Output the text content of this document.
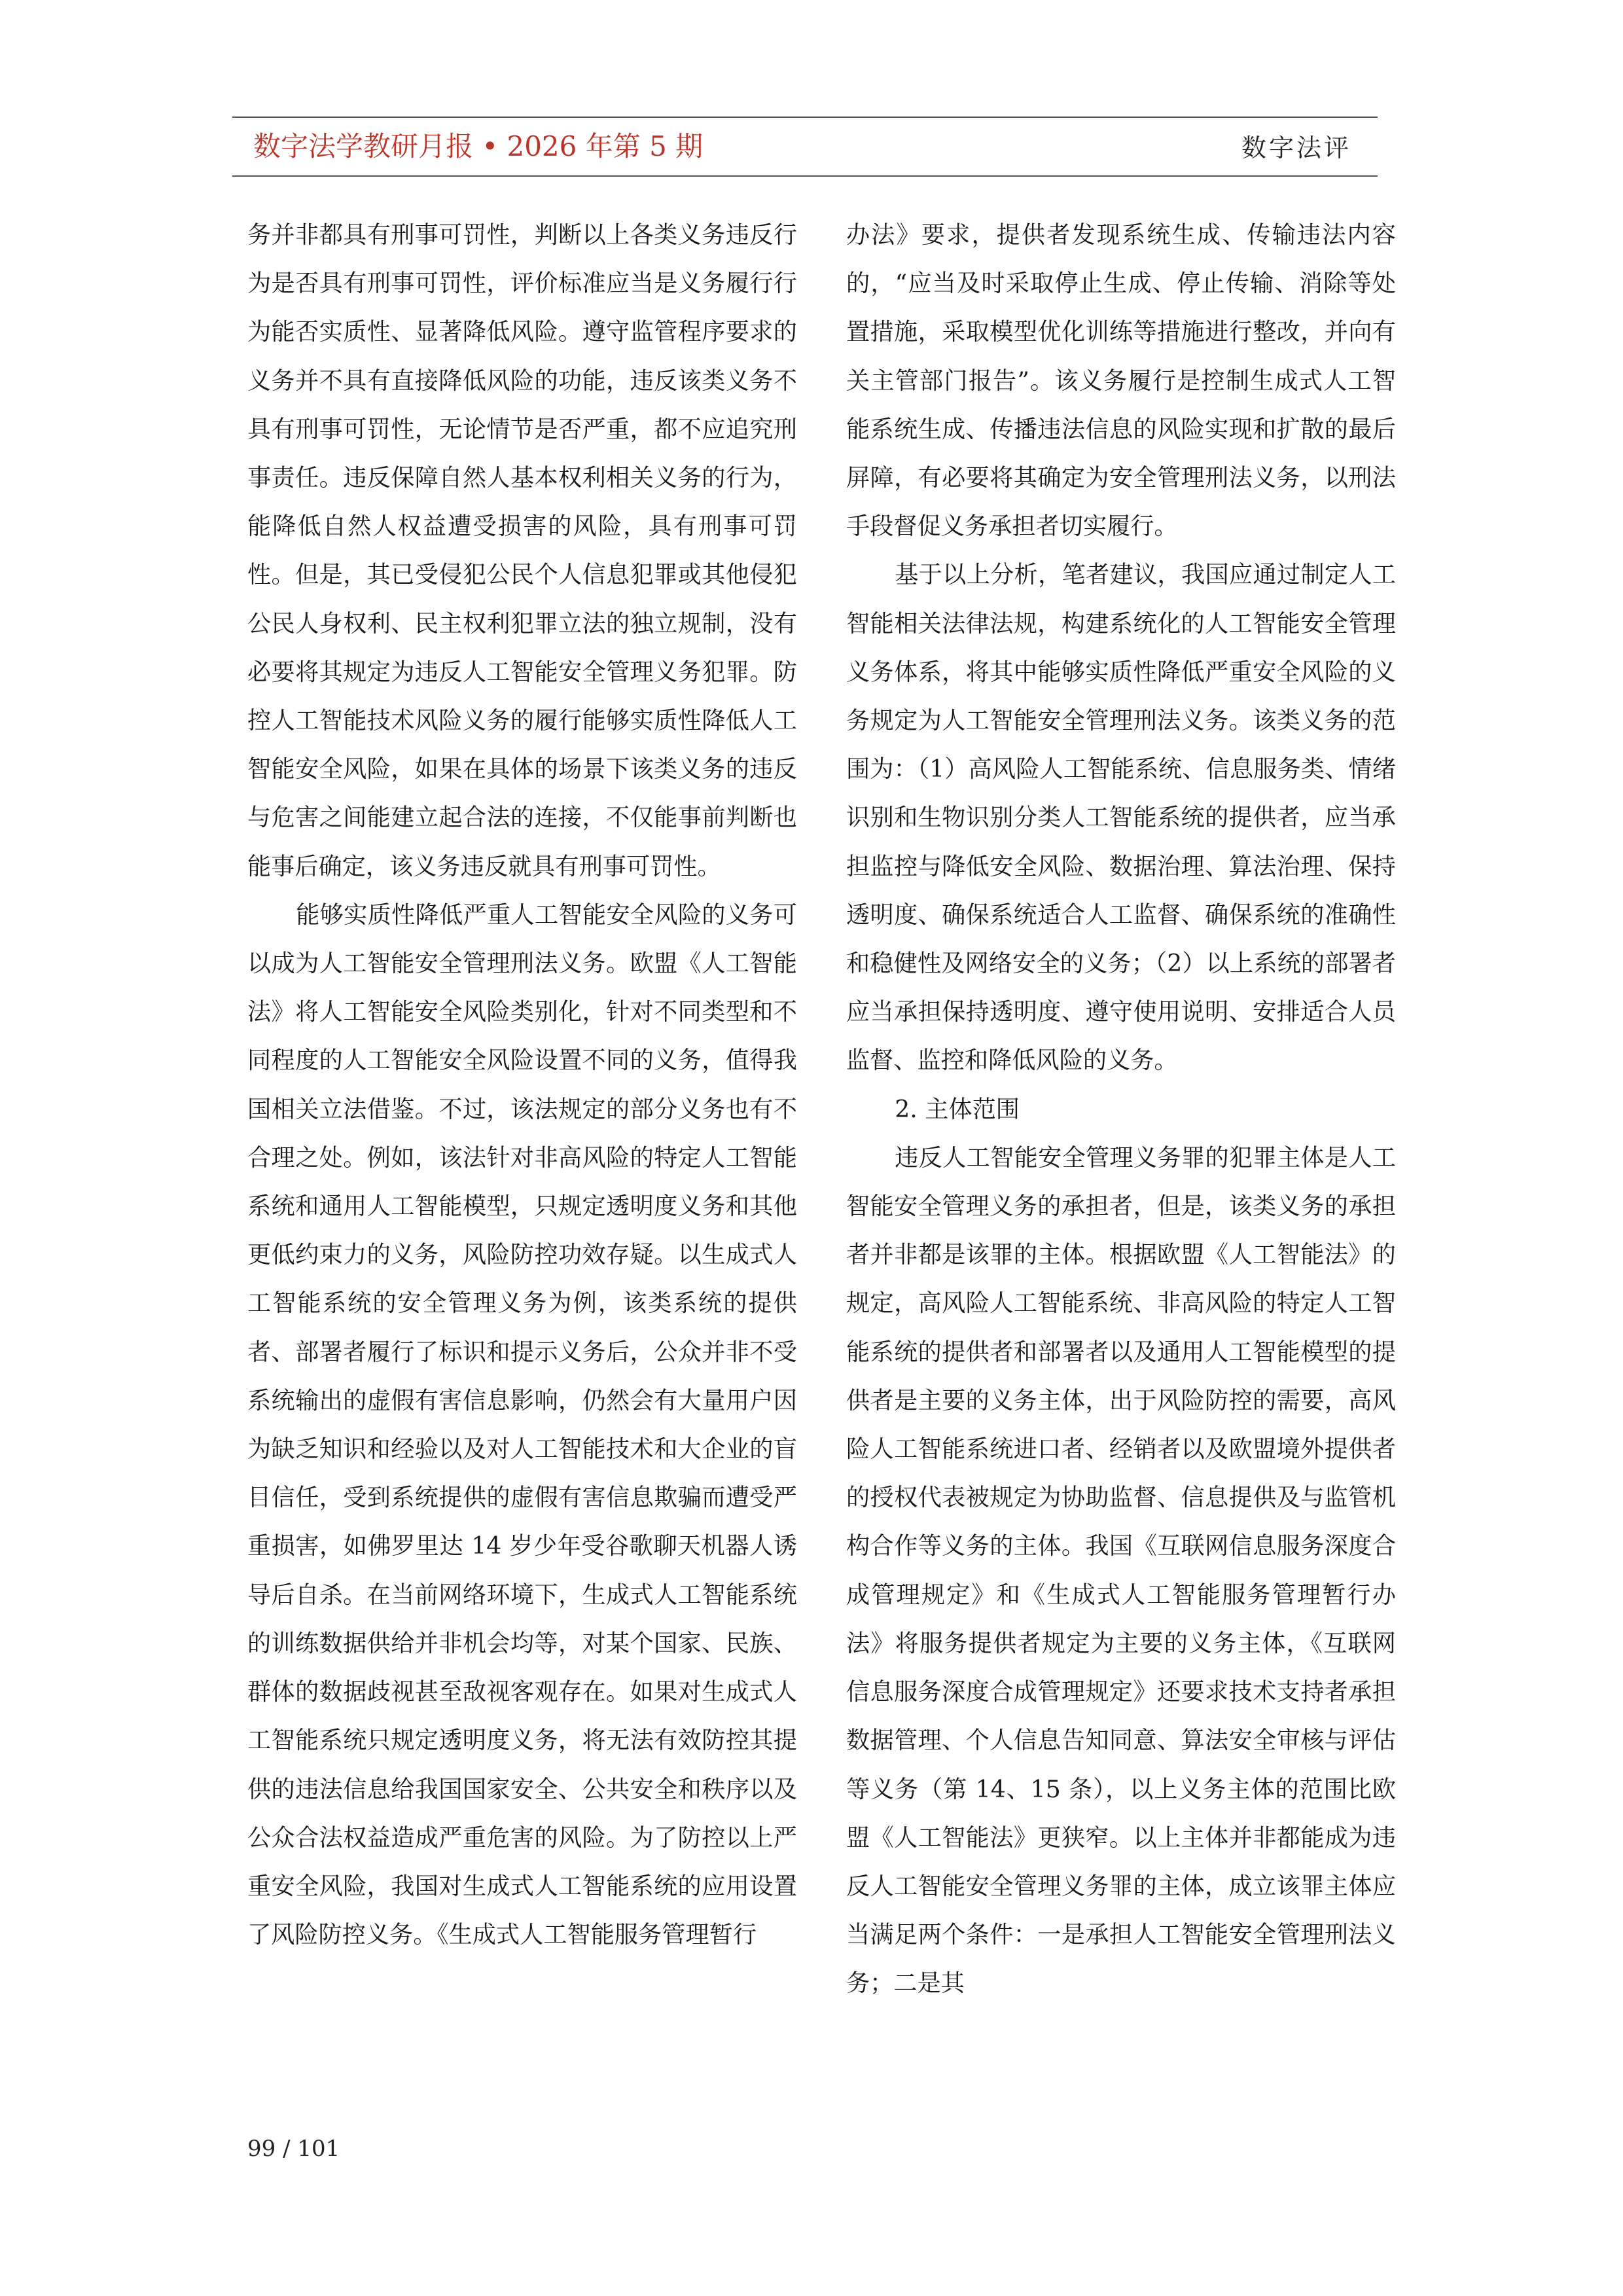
数字法学教研月报 • 2026 年第 5 期	数字法评

务并非都具有刑事可罚性，判断以上各类义务违反行为是否具有刑事可罚性，评价标准应当是义务履行行为能否实质性、显著降低风险。遵守监管程序要求的义务并不具有直接降低风险的功能，违反该类义务不具有刑事可罚性，无论情节是否严重，都不应追究刑事责任。违反保障自然人基本权利相关义务的行为，能降低自然人权益遭受损害的风险，具有刑事可罚性。但是，其已受侵犯公民个人信息犯罪或其他侵犯公民人身权利、民主权利犯罪立法的独立规制，没有必要将其规定为违反人工智能安全管理义务犯罪。防控人工智能技术风险义务的履行能够实质性降低人工智能安全风险，如果在具体的场景下该类义务的违反与危害之间能建立起合法的连接，不仅能事前判断也能事后确定，该义务违反就具有刑事可罚性。

能够实质性降低严重人工智能安全风险的义务可以成为人工智能安全管理刑法义务。欧盟《人工智能法》将人工智能安全风险类别化，针对不同类型和不同程度的人工智能安全风险设置不同的义务，值得我国相关立法借鉴。不过，该法规定的部分义务也有不合理之处。例如，该法针对非高风险的特定人工智能系统和通用人工智能模型，只规定透明度义务和其他更低约束力的义务，风险防控功效存疑。以生成式人工智能系统的安全管理义务为例，该类系统的提供者、部署者履行了标识和提示义务后，公众并非不受系统输出的虚假有害信息影响，仍然会有大量用户因为缺乏知识和经验以及对人工智能技术和大企业的盲目信任，受到系统提供的虚假有害信息欺骗而遭受严重损害，如佛罗里达 14 岁少年受谷歌聊天机器人诱导后自杀。在当前网络环境下，生成式人工智能系统的训练数据供给并非机会均等，对某个国家、民族、群体的数据歧视甚至敌视客观存在。如果对生成式人工智能系统只规定透明度义务，将无法有效防控其提供的违法信息给我国国家安全、公共安全和秩序以及公众合法权益造成严重危害的风险。为了防控以上严重安全风险，我国对生成式人工智能系统的应用设置了风险防控义务。《生成式人工智能服务管理暂行

办法》要求，提供者发现系统生成、传输违法内容的，“应当及时采取停止生成、停止传输、消除等处置措施，采取模型优化训练等措施进行整改，并向有关主管部门报告”。该义务履行是控制生成式人工智能系统生成、传播违法信息的风险实现和扩散的最后屏障，有必要将其确定为安全管理刑法义务，以刑法手段督促义务承担者切实履行。

基于以上分析，笔者建议，我国应通过制定人工智能相关法律法规，构建系统化的人工智能安全管理义务体系，将其中能够实质性降低严重安全风险的义务规定为人工智能安全管理刑法义务。该类义务的范围为：（1）高风险人工智能系统、信息服务类、情绪识别和生物识别分类人工智能系统的提供者，应当承担监控与降低安全风险、数据治理、算法治理、保持透明度、确保系统适合人工监督、确保系统的准确性和稳健性及网络安全的义务；（2）以上系统的部署者应当承担保持透明度、遵守使用说明、安排适合人员监督、监控和降低风险的义务。

2. 主体范围

违反人工智能安全管理义务罪的犯罪主体是人工智能安全管理义务的承担者，但是，该类义务的承担者并非都是该罪的主体。根据欧盟《人工智能法》的规定，高风险人工智能系统、非高风险的特定人工智能系统的提供者和部署者以及通用人工智能模型的提供者是主要的义务主体，出于风险防控的需要，高风险人工智能系统进口者、经销者以及欧盟境外提供者的授权代表被规定为协助监督、信息提供及与监管机构合作等义务的主体。我国《互联网信息服务深度合成管理规定》和《生成式人工智能服务管理暂行办法》将服务提供者规定为主要的义务主体，《互联网信息服务深度合成管理规定》还要求技术支持者承担数据管理、个人信息告知同意、算法安全审核与评估等义务（第 14、15 条），以上义务主体的范围比欧盟《人工智能法》更狭窄。以上主体并非都能成为违反人工智能安全管理义务罪的主体，成立该罪主体应当满足两个条件：一是承担人工智能安全管理刑法义务；二是其

99 / 101
